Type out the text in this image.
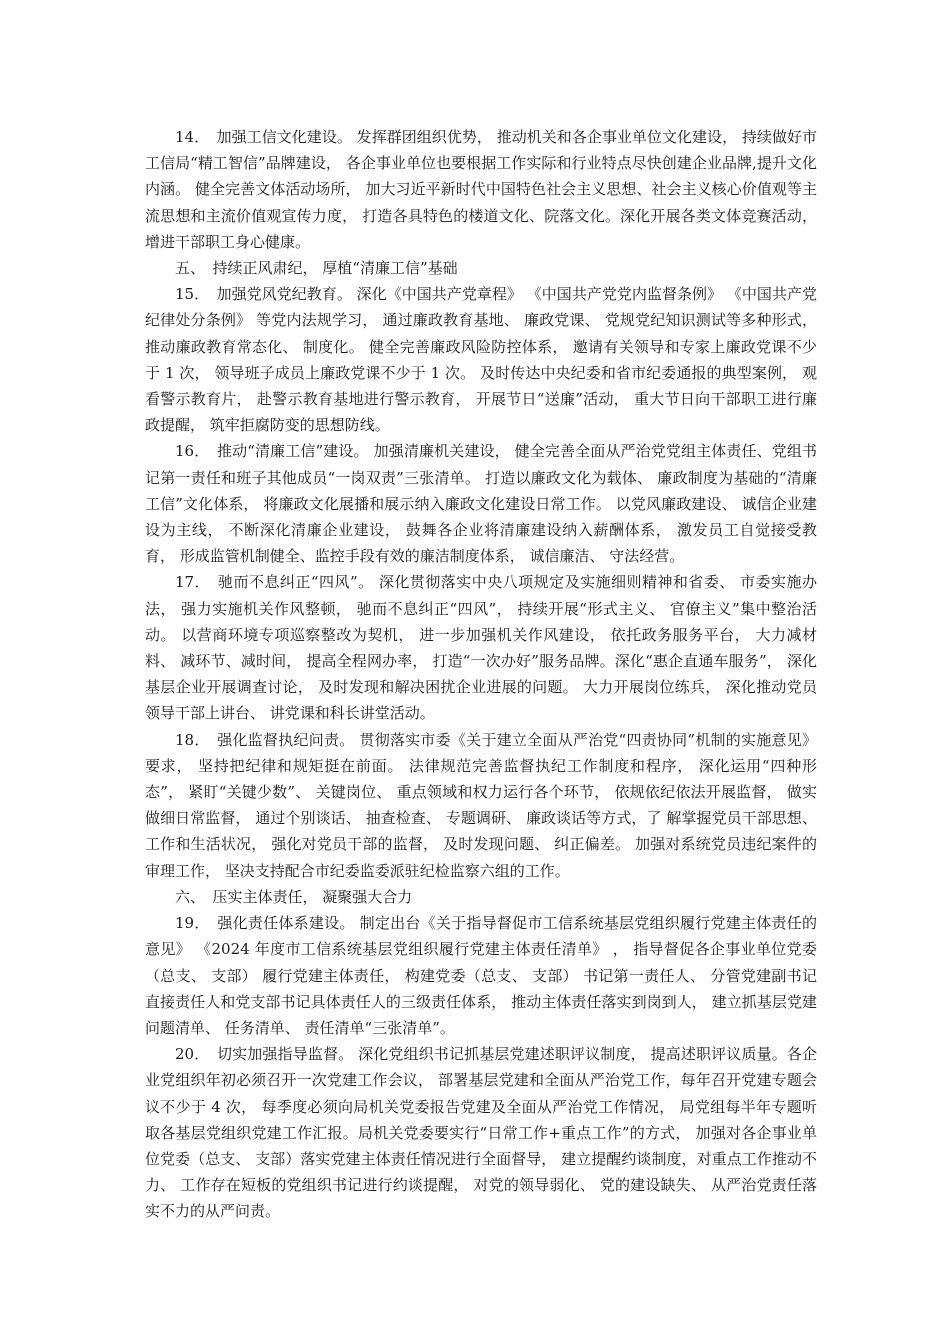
14．　加强工信文化建设。 发挥群团组织优势， 推动机关和各企事业单位文化建设， 持续做好市工信局“精工智信”品牌建设， 各企事业单位也要根据工作实际和行业特点尽快创建企业品牌,提升文化内涵。 健全完善文体活动场所， 加大习近平新时代中国特色社会主义思想、社会主义核心价值观等主流思想和主流价值观宣传力度， 打造各具特色的楼道文化、院落文化。深化开展各类文体竞赛活动， 增进干部职工身心健康。

五、　持续正风肃纪， 厚植“清廉工信”基础

15．　加强党风党纪教育。 深化《中国共产党章程》 《中国共产党党内监督条例》 《中国共产党纪律处分条例》 等党内法规学习， 通过廉政教育基地、 廉政党课、 党规党纪知识测试等多种形式， 推动廉政教育常态化、 制度化。 健全完善廉政风险防控体系， 邀请有关领导和专家上廉政党课不少于 1 次， 领导班子成员上廉政党课不少于 1 次。 及时传达中央纪委和省市纪委通报的典型案例， 观看警示教育片， 赴警示教育基地进行警示教育， 开展节日“送廉”活动， 重大节日向干部职工进行廉政提醒， 筑牢拒腐防变的思想防线。

16．　推动“清廉工信”建设。 加强清廉机关建设， 健全完善全面从严治党党组主体责任、党组书记第一责任和班子其他成员“一岗双责”三张清单。 打造以廉政文化为载体、 廉政制度为基础的“清廉工信”文化体系， 将廉政文化展播和展示纳入廉政文化建设日常工作。 以党风廉政建设、 诚信企业建设为主线， 不断深化清廉企业建设， 鼓舞各企业将清廉建设纳入薪酬体系， 激发员工自觉接受教育， 形成监管机制健全、监控手段有效的廉洁制度体系， 诚信廉洁、 守法经营。

17．　驰而不息纠正“四风”。 深化贯彻落实中央八项规定及实施细则精神和省委、 市委实施办法， 强力实施机关作风整顿， 驰而不息纠正“四风”， 持续开展“形式主义、 官僚主义”集中整治活动。 以营商环境专项巡察整改为契机， 进一步加强机关作风建设， 依托政务服务平台， 大力减材料、 减环节、减时间， 提高全程网办率， 打造“一次办好”服务品牌。深化“惠企直通车服务”， 深化基层企业开展调查讨论， 及时发现和解决困扰企业进展的问题。 大力开展岗位练兵， 深化推动党员领导干部上讲台、 讲党课和科长讲堂活动。

18．　强化监督执纪问责。 贯彻落实市委《关于建立全面从严治党“四责协同”机制的实施意见》 要求， 坚持把纪律和规矩挺在前面。 法律规范完善监督执纪工作制度和程序， 深化运用“四种形态”， 紧盯“关键少数”、 关键岗位、 重点领域和权力运行各个环节， 依规依纪依法开展监督， 做实做细日常监督， 通过个别谈话、 抽查检查、 专题调研、 廉政谈话等方式，了 解掌握党员干部思想、 工作和生活状况， 强化对党员干部的监督， 及时发现问题、 纠正偏差。 加强对系统党员违纪案件的审理工作， 坚决支持配合市纪委监委派驻纪检监察六组的工作。

六、　压实主体责任， 凝聚强大合力

19．　强化责任体系建设。 制定出台《关于指导督促市工信系统基层党组织履行党建主体责任的意见》 《2024 年度市工信系统基层党组织履行党建主体责任清单》 ， 指导督促各企事业单位党委（总支、 支部） 履行党建主体责任， 构建党委（总支、 支部） 书记第一责任人、 分管党建副书记直接责任人和党支部书记具体责任人的三级责任体系， 推动主体责任落实到岗到人， 建立抓基层党建问题清单、 任务清单、 责任清单“三张清单”。

20．　切实加强指导监督。 深化党组织书记抓基层党建述职评议制度， 提高述职评议质量。各企业党组织年初必须召开一次党建工作会议， 部署基层党建和全面从严治党工作，每年召开党建专题会议不少于 4 次， 每季度必须向局机关党委报告党建及全面从严治党工作情况， 局党组每半年专题听取各基层党组织党建工作汇报。局机关党委要实行“日常工作+重点工作”的方式， 加强对各企事业单位党委（总支、 支部）落实党建主体责任情况进行全面督导， 建立提醒约谈制度，对重点工作推动不力、 工作存在短板的党组织书记进行约谈提醒， 对党的领导弱化、 党的建设缺失、 从严治党责任落实不力的从严问责。
